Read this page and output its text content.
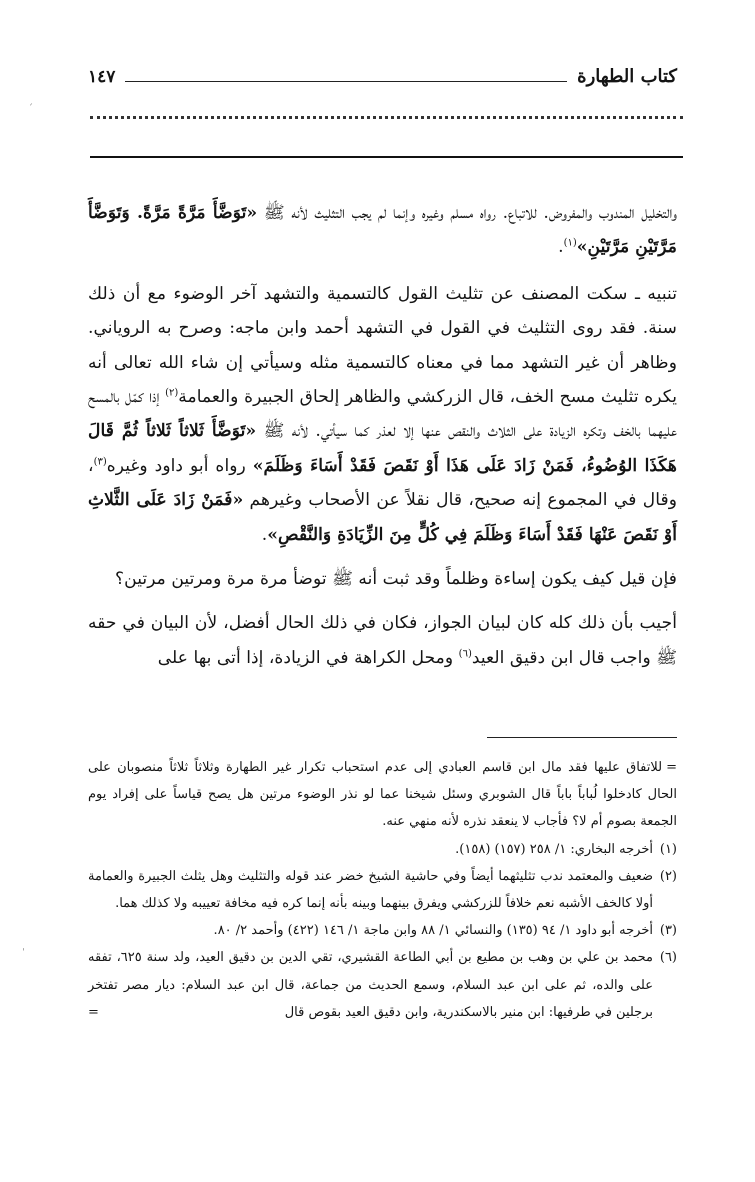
كتاب الطهارة
١٤٧

والتخليل المندوب والمفروض. للاتباع. رواه مسلم وغيره وإنما لم يجب التثليث لأنه ﷺ «تَوَضَّأَ مَرَّةً مَرَّةً. وَتَوَضَّأَ مَرَّتَيْنِ مَرَّتَيْنِ»$^{(١)}$.

تنبيه ـ سكت المصنف عن تثليث القول كالتسمية والتشهد آخر الوضوء مع أن ذلك سنة. فقد روى التثليث في القول في التشهد أحمد وابن ماجه: وصرح به الروياني. وظاهر أن غير التشهد مما في معناه كالتسمية مثله وسيأتي إن شاء الله تعالى أنه يكره تثليث مسح الخف، قال الزركشي والظاهر إلحاق الجبيرة والعمامة$^{(٢)}$ إذا كمّل بالمسح عليهما بالخف وتكره الزيادة على الثلاث والنقص عنها إلا لعذر كما سيأتي. لأنه ﷺ «تَوَضَّأَ ثَلاثاً ثَلاثاً ثُمَّ قَالَ هَكَذَا الوُضُوءُ، فَمَنْ زَادَ عَلَى هَذَا أَوْ نَقَصَ فَقَدْ أَسَاءَ وَظَلَمَ» رواه أبو داود وغيره$^{(٣)}$، وقال في المجموع إنه صحيح، قال نقلاً عن الأصحاب وغيرهم «فَمَنْ زَادَ عَلَى الثَّلاثِ أَوْ نَقَصَ عَنْهَا فَقَدْ أَسَاءَ وَظَلَمَ فِي كُلٍّ مِنَ الزِّيَادَةِ وَالنَّقْصِ».

فإن قيل كيف يكون إساءة وظلماً وقد ثبت أنه ﷺ توضأ مرة مرة ومرتين مرتين؟

أجيب بأن ذلك كله كان لبيان الجواز، فكان في ذلك الحال أفضل، لأن البيان في حقه ﷺ واجب قال ابن دقيق العيد$^{(٦)}$ ومحل الكراهة في الزيادة، إذا أتى بها على

=للاتفاق عليها فقد مال ابن قاسم العبادي إلى عدم استحباب تكرار غير الطهارة وثلاثاً ثلاثاً منصوبان على الحال كادخلوا لُباباً باباً قال الشوبري وسئل شيخنا عما لو نذر الوضوء مرتين هل يصح قياساً على إفراد يوم الجمعة بصوم أم لا؟ فأجاب لا ينعقد نذره لأنه منهي عنه.

(١)
أخرجه البخاري: ١/ ٢٥٨ (١٥٧) (١٥٨).
(٢)
ضعيف والمعتمد ندب تثليثهما أيضاً وفي حاشية الشيخ خضر عند قوله والتثليث وهل يثلث الجبيرة والعمامة أولا كالخف الأشبه نعم خلافاً للزركشي ويفرق بينهما وبينه بأنه إنما كره فيه مخافة تعييبه ولا كذلك هما.
(٣)
أخرجه أبو داود ١/ ٩٤ (١٣٥) والنسائي ١/ ٨٨ وابن ماجة ١/ ١٤٦ (٤٢٢) وأحمد ٢/ ٨٠.
(٦)
محمد بن علي بن وهب بن مطيع بن أبي الطاعة القشيري، تقي الدين بن دقيق العيد، ولد سنة ٦٢٥، تفقه على والده، ثم على ابن عبد السلام، وسمع الحديث من جماعة، قال ابن عبد السلام: ديار مصر تفتخر برجلين في طرفيها: ابن منير بالاسكندرية، وابن دقيق العيد بقوص قال
=
ˊ
ˈ
